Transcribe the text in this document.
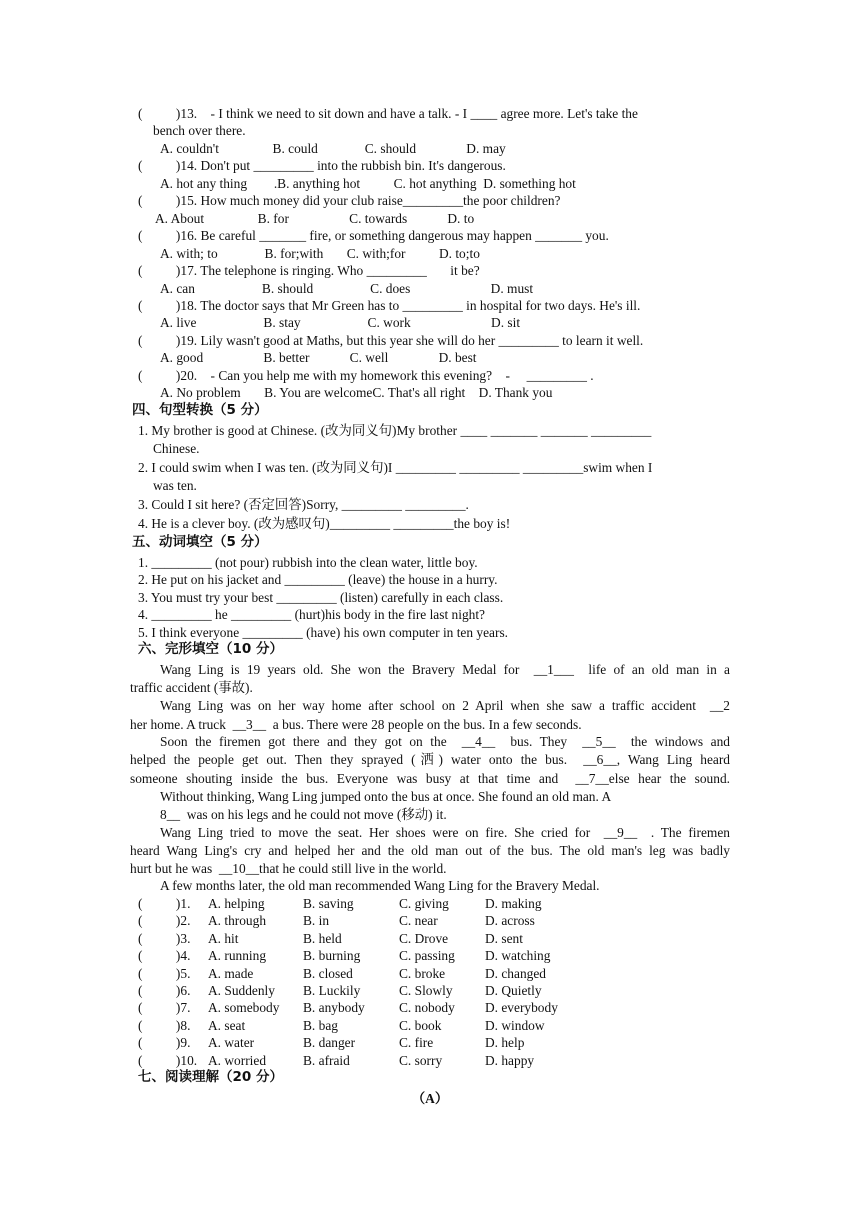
(          )13.    - I think we need to sit down and have a talk. - I ____ agree more. Let's take the
bench over there.
A. couldn't                B. could              C. should               D. may
(          )14. Don't put _________ into the rubbish bin. It's dangerous.
A. hot any thing        .B. anything hot          C. hot anything  D. something hot
(          )15. How much money did your club raise_________the poor children?
A. About                B. for                  C. towards            D. to
(          )16. Be careful _______ fire, or something dangerous may happen _______ you.
A. with; to              B. for;with       C. with;for          D. to;to
(          )17. The telephone is ringing. Who _________       it be?
A. can                    B. should                 C. does                        D. must
(          )18. The doctor says that Mr Green has to _________ in hospital for two days. He's ill.
A. live                    B. stay                    C. work                        D. sit
(          )19. Lily wasn't good at Maths, but this year she will do her _________ to learn it well.
A. good                  B. better            C. well               D. best
(          )20.    - Can you help me with my homework this evening?    -     _________ .
A. No problem       B. You are welcomeC. That's all right    D. Thank you
四、句型转换（5 分）
1. My brother is good at Chinese. (改为同义句)My brother ____ _______ _______ _________
Chinese.
2. I could swim when I was ten. (改为同义句)I _________ _________ _________swim when I
was ten.
3. Could I sit here? (否定回答)Sorry, _________ _________.
4. He is a clever boy. (改为感叹句)_________ _________the boy is!
五、动词填空（5 分）
1. _________ (not pour) rubbish into the clean water, little boy.
2. He put on his jacket and _________ (leave) the house in a hurry.
3. You must try your best _________ (listen) carefully in each class.
4. _________ he _________ (hurt)his body in the fire last night?
5. I think everyone _________ (have) his own computer in ten years.
六、完形填空（10 分）
Wang Ling is 19 years old. She won the Bravery Medal for  __1___  life of an old man in a
traffic accident (事故).
Wang Ling was on her way home after school on 2 April when she saw a traffic accident  __2
her home. A truck  __3__  a bus. There were 28 people on the bus. In a few seconds.
Soon the firemen got there and they got on the  __4__  bus. They  __5__  the windows and
helped the people get out. Then they sprayed (洒) water onto the bus.  __6__, Wang Ling heard
someone shouting inside the bus. Everyone was busy at that time and  __7__else hear the sound.
Without thinking, Wang Ling jumped onto the bus at once. She found an old man. A
8__  was on his legs and he could not move (移动) it.
Wang Ling tried to move the seat. Her shoes were on fire. She cried for  __9__  . The firemen
heard Wang Ling's cry and helped her and the old man out of the bus. The old man's leg was badly
hurt but he was  __10__that he could still live in the world.
A few months later, the old man recommended Wang Ling for the Bravery Medal.
(          )1. A. helping	B. saving	C. giving	D. making
(          )2. A. through	B. in	C. near	D. across
(          )3. A. hit	B. held	C. Drove	D. sent
(          )4. A. running	B. burning	C. passing D. watching
(          )5. A. made	B. closed	C. broke	D. changed
(          )6. A. Suddenly B. Luckily	C. Slowly D. Quietly
(          )7. A. somebody B. anybody	C. nobody D. everybody
(          )8. A. seat	B. bag	C. book	D. window
(          )9. A. water	B. danger	C. fire	D. help
(          )10. A. worried	B. afraid	C. sorry	D. happy
七、阅读理解（20 分）
（A）
